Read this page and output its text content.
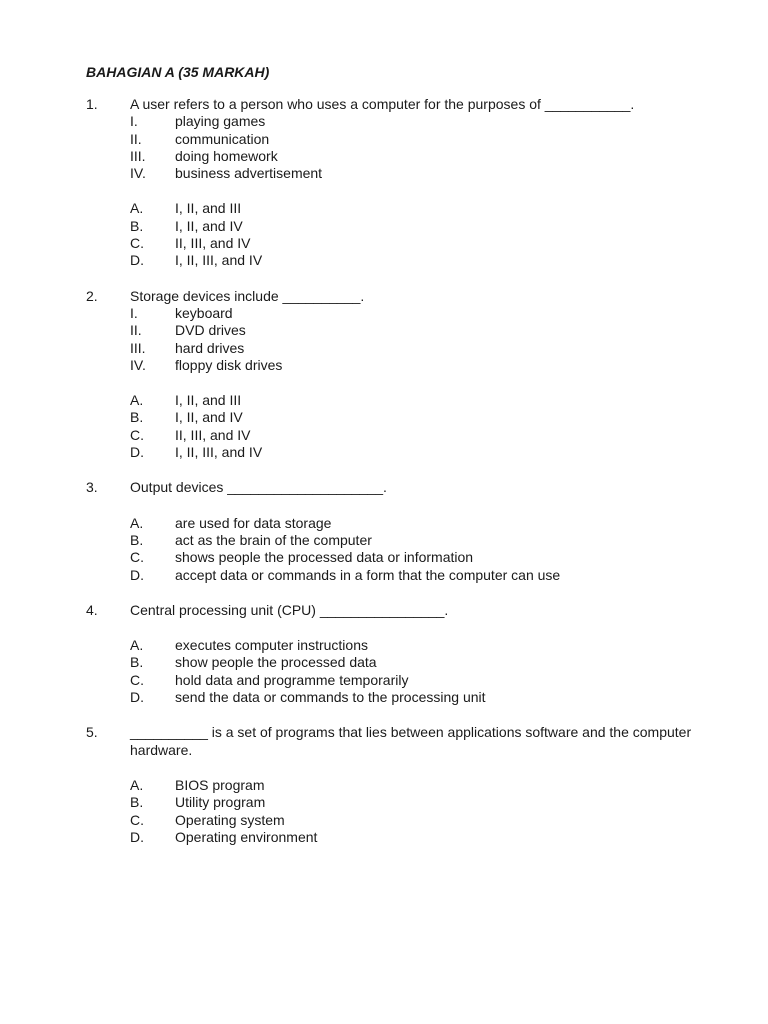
BAHAGIAN A (35 MARKAH)
1.	A user refers to a person who uses a computer for the purposes of ___________.
I.	playing games
II.	communication
III.	doing homework
IV.	business advertisement
A.	I, II, and III
B.	I, II, and IV
C.	II, III, and IV
D.	I, II, III, and IV
2.	Storage devices include __________.
I.	keyboard
II.	DVD drives
III.	hard drives
IV.	floppy disk drives
A.	I, II, and III
B.	I, II, and IV
C.	II, III, and IV
D.	I, II, III, and IV
3.	Output devices ____________________.
A.	are used for data storage
B.	act as the brain of the computer
C.	shows people the processed data or information
D.	accept data or commands in a form that the computer can use
4.	Central processing unit (CPU) ________________.
A.	executes computer instructions
B.	show people the processed data
C.	hold data and programme temporarily
D.	send the data or commands to the processing unit
5.	__________ is a set of programs that lies between applications software and the computer hardware.
A.	BIOS program
B.	Utility program
C.	Operating system
D.	Operating environment
